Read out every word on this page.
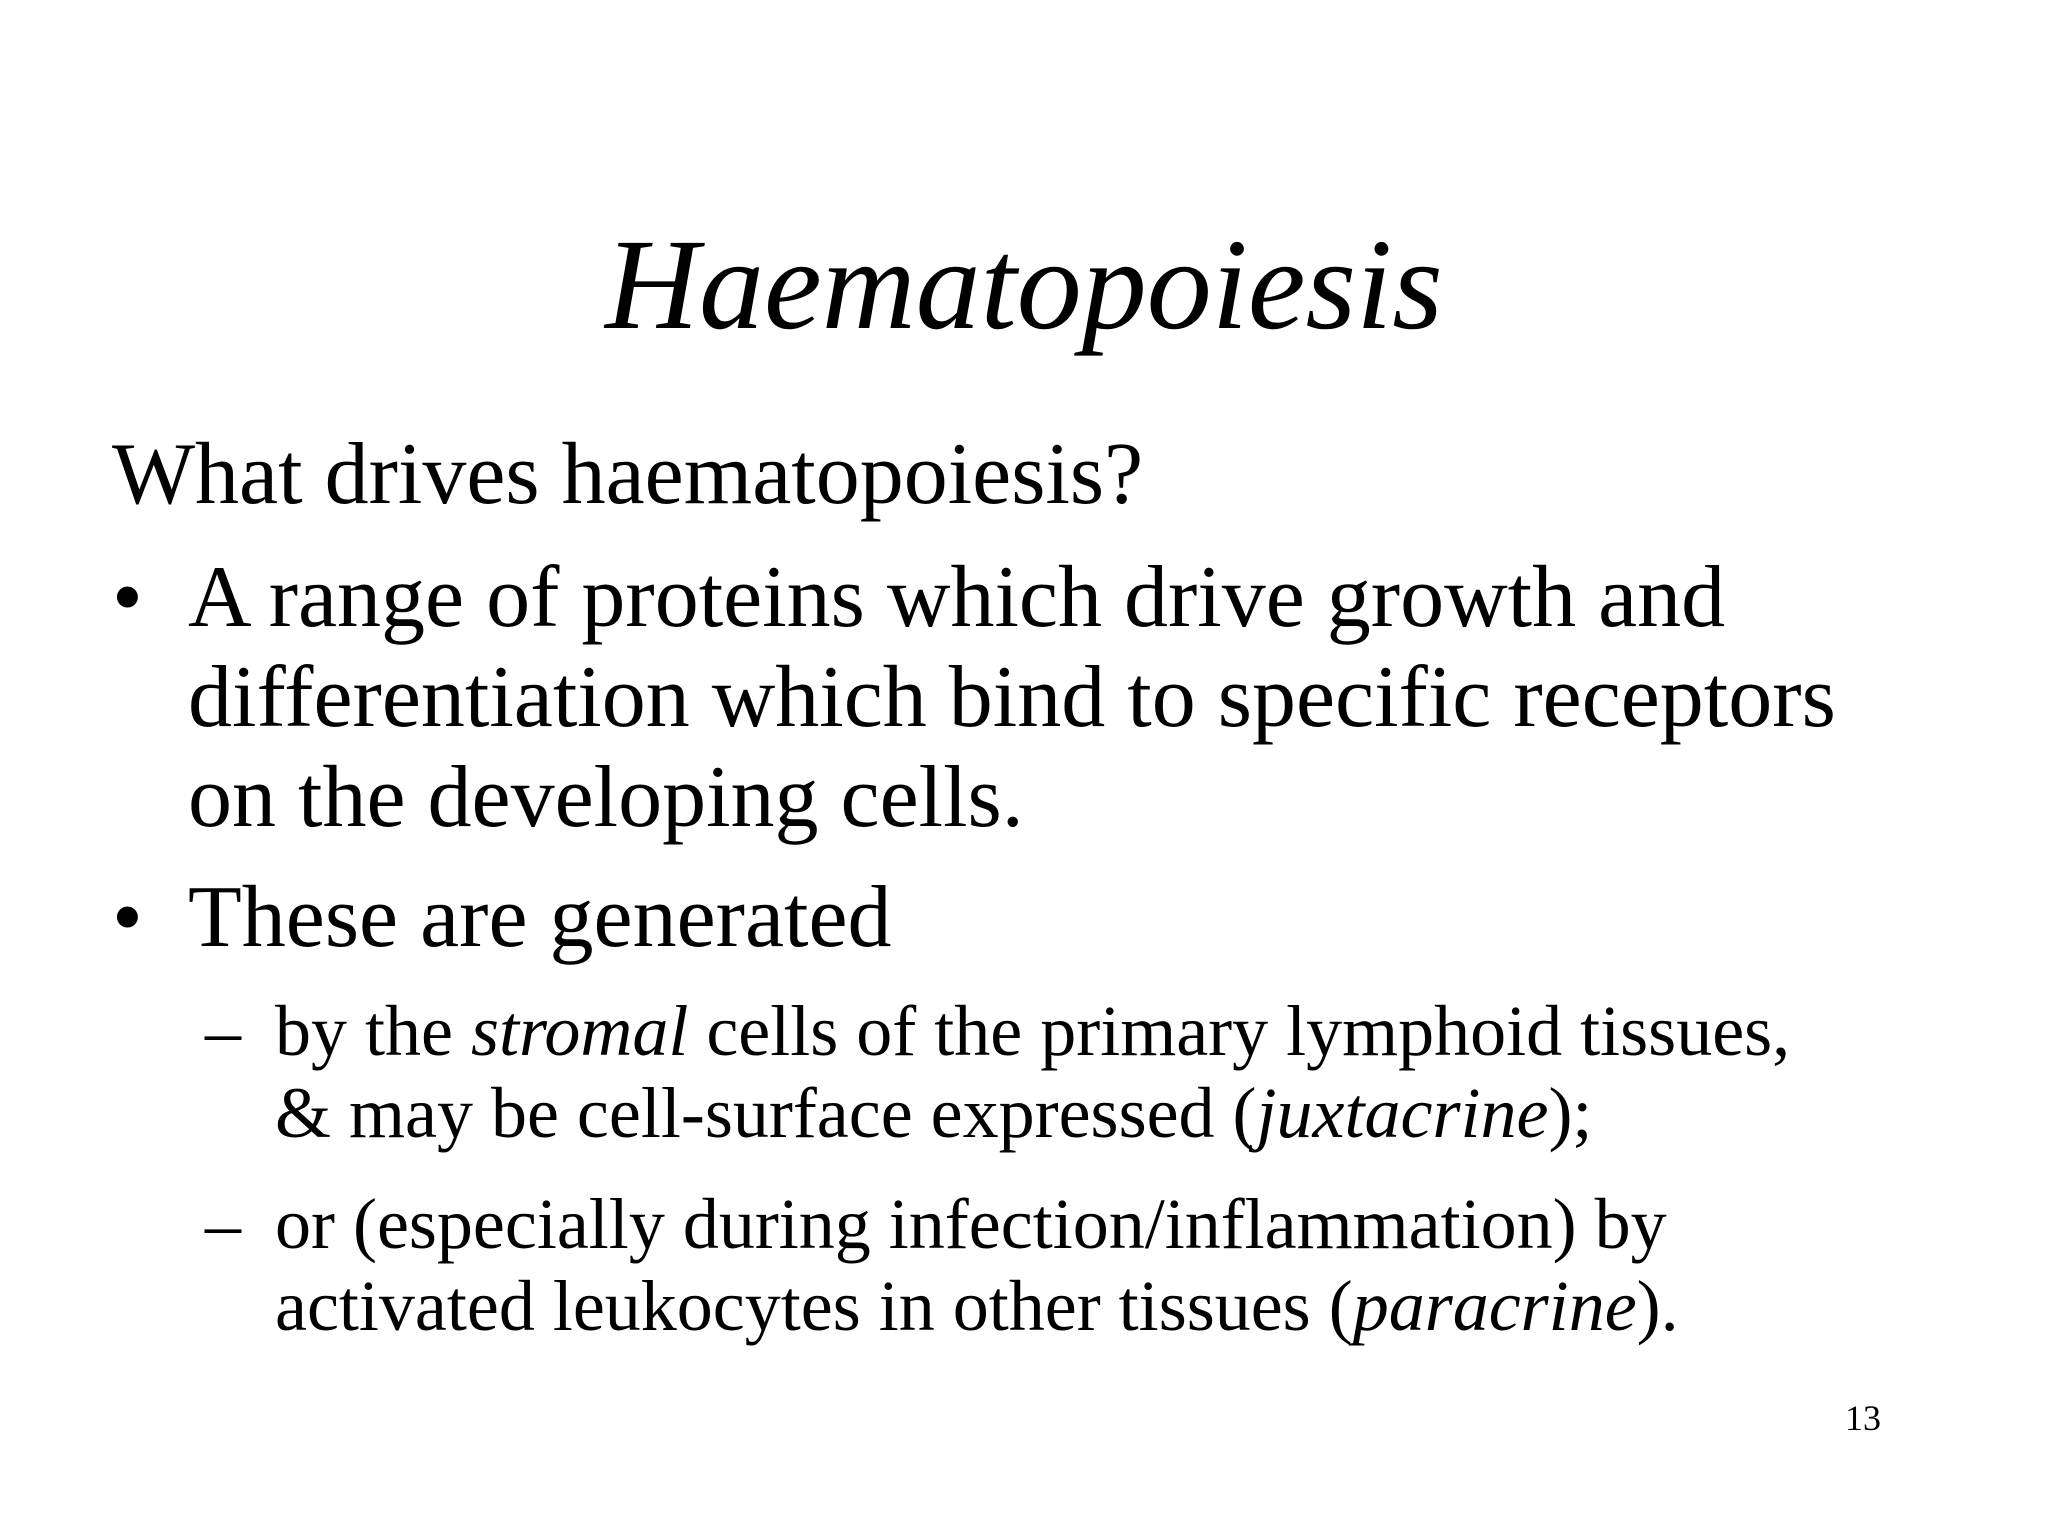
Haematopoiesis
What drives haematopoiesis?
• A range of proteins which drive growth and
differentiation which bind to specific receptors
on the developing cells.
• These are generated
– by the stromal cells of the primary lymphoid tissues,
& may be cell-surface expressed (juxtacrine);
– or (especially during infection/inflammation) by
activated leukocytes in other tissues (paracrine).
13
